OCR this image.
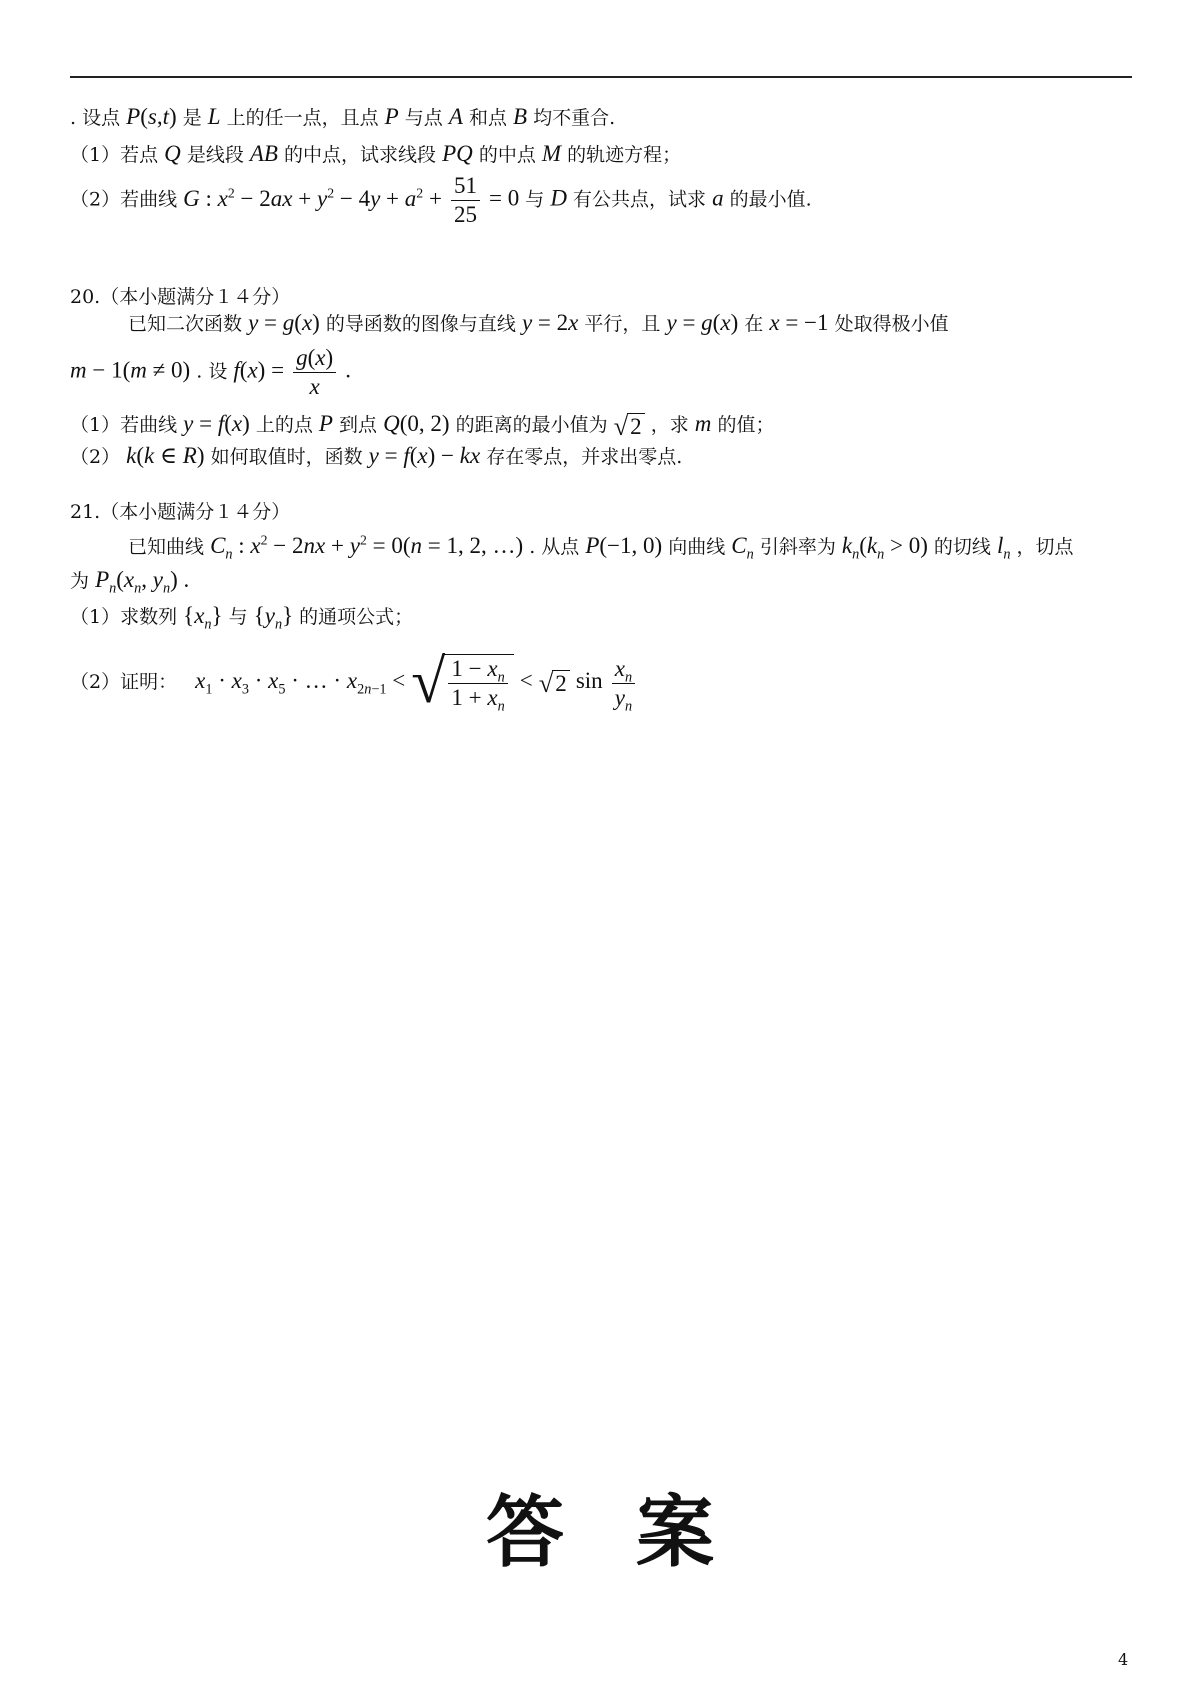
. 设点 P(s,t) 是 L 上的任一点，且点 P 与点 A 和点 B 均不重合.
（1）若点 Q 是线段 AB 的中点，试求线段 PQ 的中点 M 的轨迹方程；
（2）若曲线 G : $x^2 - 2ax + y^2 - 4y + a^2 + \frac{51}{25} = 0$ 与 D 有公共点，试求 a 的最小值.
20.（本小题满分１４分）
已知二次函数 y = g(x) 的导函数的图像与直线 y = 2x 平行，且 y = g(x) 在 x = −1 处取得极小值
m − 1(m ≠ 0) . 设 $f(x) = \frac{g(x)}{x}$ .
（1）若曲线 y = f(x) 上的点 P 到点 Q(0, 2) 的距离的最小值为 √ 2 ，求 m 的值；
（2） k(k ∈ R) 如何取值时，函数 y = f(x) − kx 存在零点，并求出零点.
21.（本小题满分１４分）
已知曲线 $C_n$ : $x^2 - 2nx + y^2 = 0(n = 1$, 2, …) . 从点 P(−1, 0) 向曲线 $C_n$ 引斜率为 $k_n(k_n > 0)$ 的切线 $l_n$ ，切点
为 $P_n(x_n$, $y_n$) .
（1）求数列 $\{x_n\}$ 与 $\{y_n\}$ 的通项公式；
（2）证明： $x_1 \cdot x_3 \cdot x_5$ · … · $x_{2n-1}$ < √ $\frac{1 - x_n}{1 + x_n}$ < √ 2 $\sin \frac{x_n}{y_n}$
答 案
4
